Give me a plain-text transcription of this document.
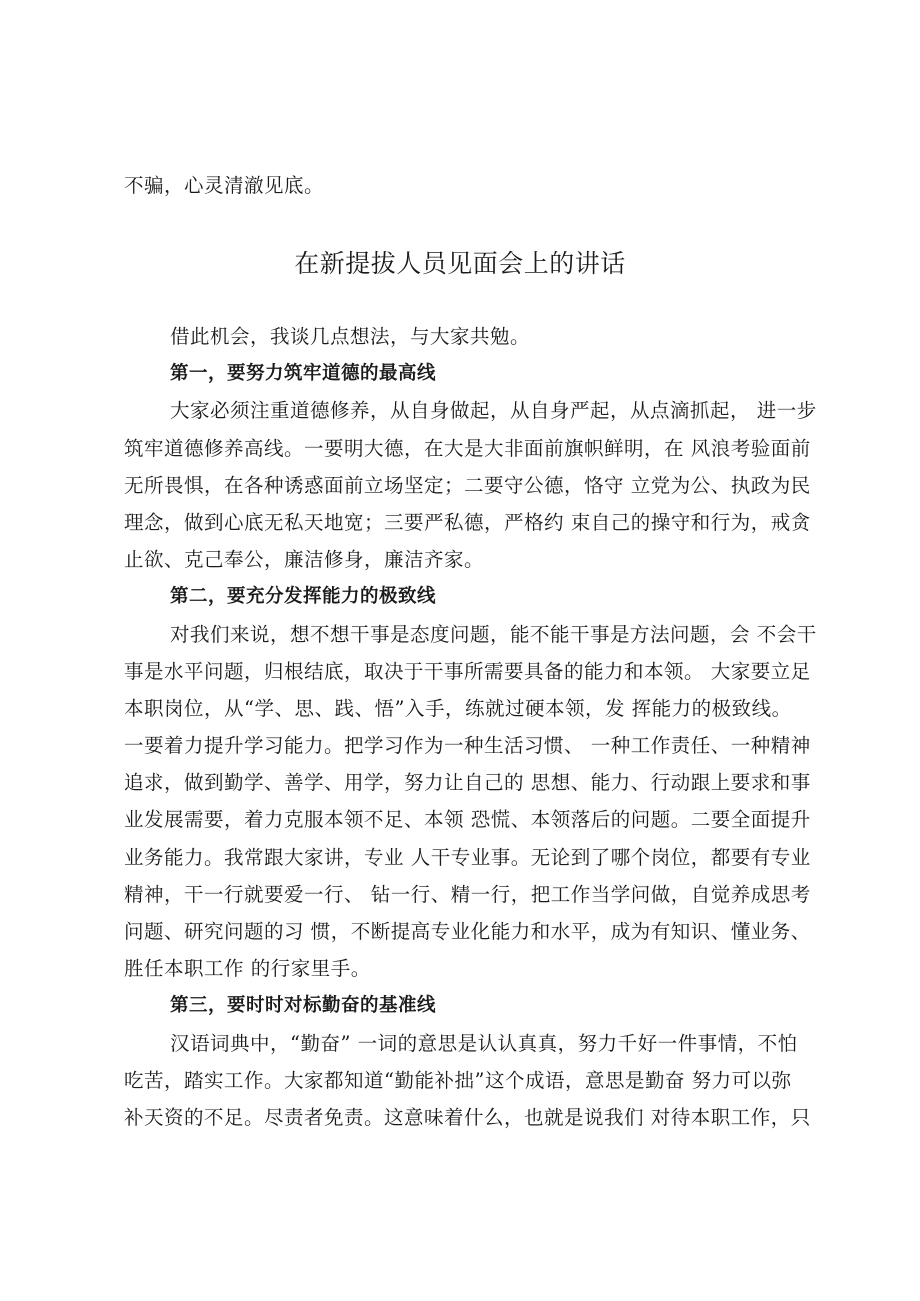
不骗，心灵清澈见底。
在新提拔人员见面会上的讲话
借此机会，我谈几点想法，与大家共勉。
第一，要努力筑牢道德的最高线
大家必须注重道德修养，从自身做起，从自身严起，从点滴抓起， 进一步
筑牢道德修养高线。一要明大德，在大是大非面前旗帜鲜明，在 风浪考验面前
无所畏惧，在各种诱惑面前立场坚定；二要守公德，恪守 立党为公、执政为民
理念，做到心底无私天地宽；三要严私德，严格约 束自己的操守和行为，戒贪
止欲、克己奉公，廉洁修身，廉洁齐家。
第二，要充分发挥能力的极致线
对我们来说，想不想干事是态度问题，能不能干事是方法问题，会 不会干
事是水平问题，归根结底，取决于干事所需要具备的能力和本领。 大家要立足
本职岗位，从“学、思、践、悟”入手，练就过硬本领，发 挥能力的极致线。
一要着力提升学习能力。把学习作为一种生活习惯、 一种工作责任、一种精神
追求，做到勤学、善学、用学，努力让自己的 思想、能力、行动跟上要求和事
业发展需要，着力克服本领不足、本领 恐慌、本领落后的问题。二要全面提升
业务能力。我常跟大家讲，专业 人干专业事。无论到了哪个岗位，都要有专业
精神，干一行就要爱一行、 钻一行、精一行，把工作当学问做，自觉养成思考
问题、研究问题的习 惯，不断提高专业化能力和水平，成为有知识、懂业务、
胜任本职工作 的行家里手。
第三，要时时对标勤奋的基准线
汉语词典中，“勤奋” 一词的意思是认认真真，努力千好一件事情，不怕
吃苦，踏实工作。大家都知道“勤能补拙”这个成语，意思是勤奋 努力可以弥
补天资的不足。尽责者免责。这意味着什么，也就是说我们 对待本职工作，只
